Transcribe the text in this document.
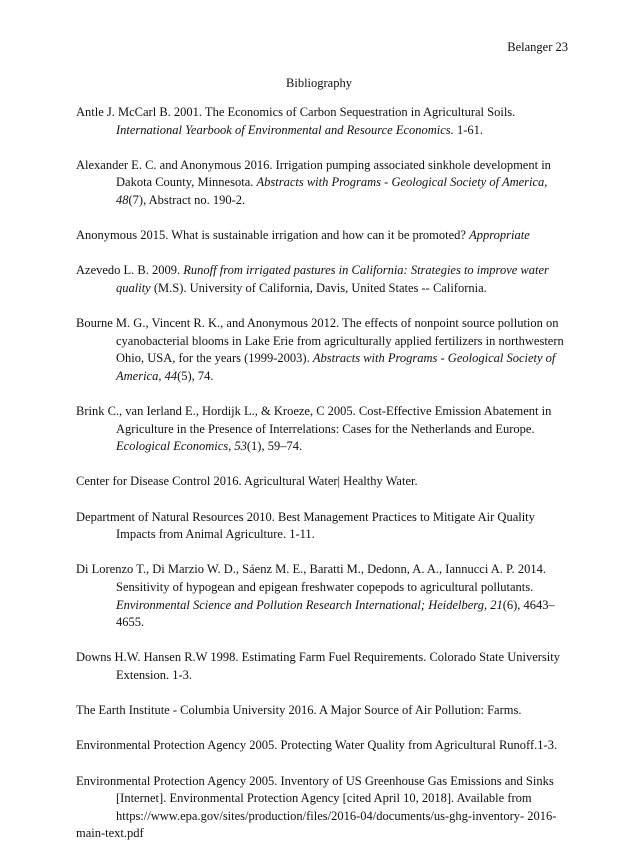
Belanger 23
Bibliography

Antle J. McCarl B. 2001. The Economics of Carbon Sequestration in Agricultural Soils. International Yearbook of Environmental and Resource Economics. 1-61.

Alexander E. C. and Anonymous 2016. Irrigation pumping associated sinkhole development in Dakota County, Minnesota. Abstracts with Programs - Geological Society of America, 48(7), Abstract no. 190-2.

Anonymous 2015. What is sustainable irrigation and how can it be promoted? Appropriate

Azevedo L. B. 2009. Runoff from irrigated pastures in California: Strategies to improve water quality (M.S). University of California, Davis, United States -- California.

Bourne M. G., Vincent R. K., and Anonymous 2012. The effects of nonpoint source pollution on cyanobacterial blooms in Lake Erie from agriculturally applied fertilizers in northwestern Ohio, USA, for the years (1999-2003). Abstracts with Programs - Geological Society of America, 44(5), 74.

Brink C., van Ierland E., Hordijk L., & Kroeze, C 2005. Cost-Effective Emission Abatement in Agriculture in the Presence of Interrelations: Cases for the Netherlands and Europe. Ecological Economics, 53(1), 59–74.

Center for Disease Control 2016. Agricultural Water| Healthy Water.

Department of Natural Resources 2010. Best Management Practices to Mitigate Air Quality Impacts from Animal Agriculture. 1-11.

Di Lorenzo T., Di Marzio W. D., Sáenz M. E., Baratti M., Dedonn, A. A., Iannucci A. P. 2014. Sensitivity of hypogean and epigean freshwater copepods to agricultural pollutants. Environmental Science and Pollution Research International; Heidelberg, 21(6), 4643–4655.

Downs H.W. Hansen R.W 1998. Estimating Farm Fuel Requirements. Colorado State University Extension. 1-3.

The Earth Institute - Columbia University 2016. A Major Source of Air Pollution: Farms.

Environmental Protection Agency 2005. Protecting Water Quality from Agricultural Runoff.1-3.

Environmental Protection Agency 2005. Inventory of US Greenhouse Gas Emissions and Sinks [Internet]. Environmental Protection Agency [cited April 10, 2018]. Available from https://www.epa.gov/sites/production/files/2016-04/documents/us-ghg-inventory- 2016-
main-text.pdf
